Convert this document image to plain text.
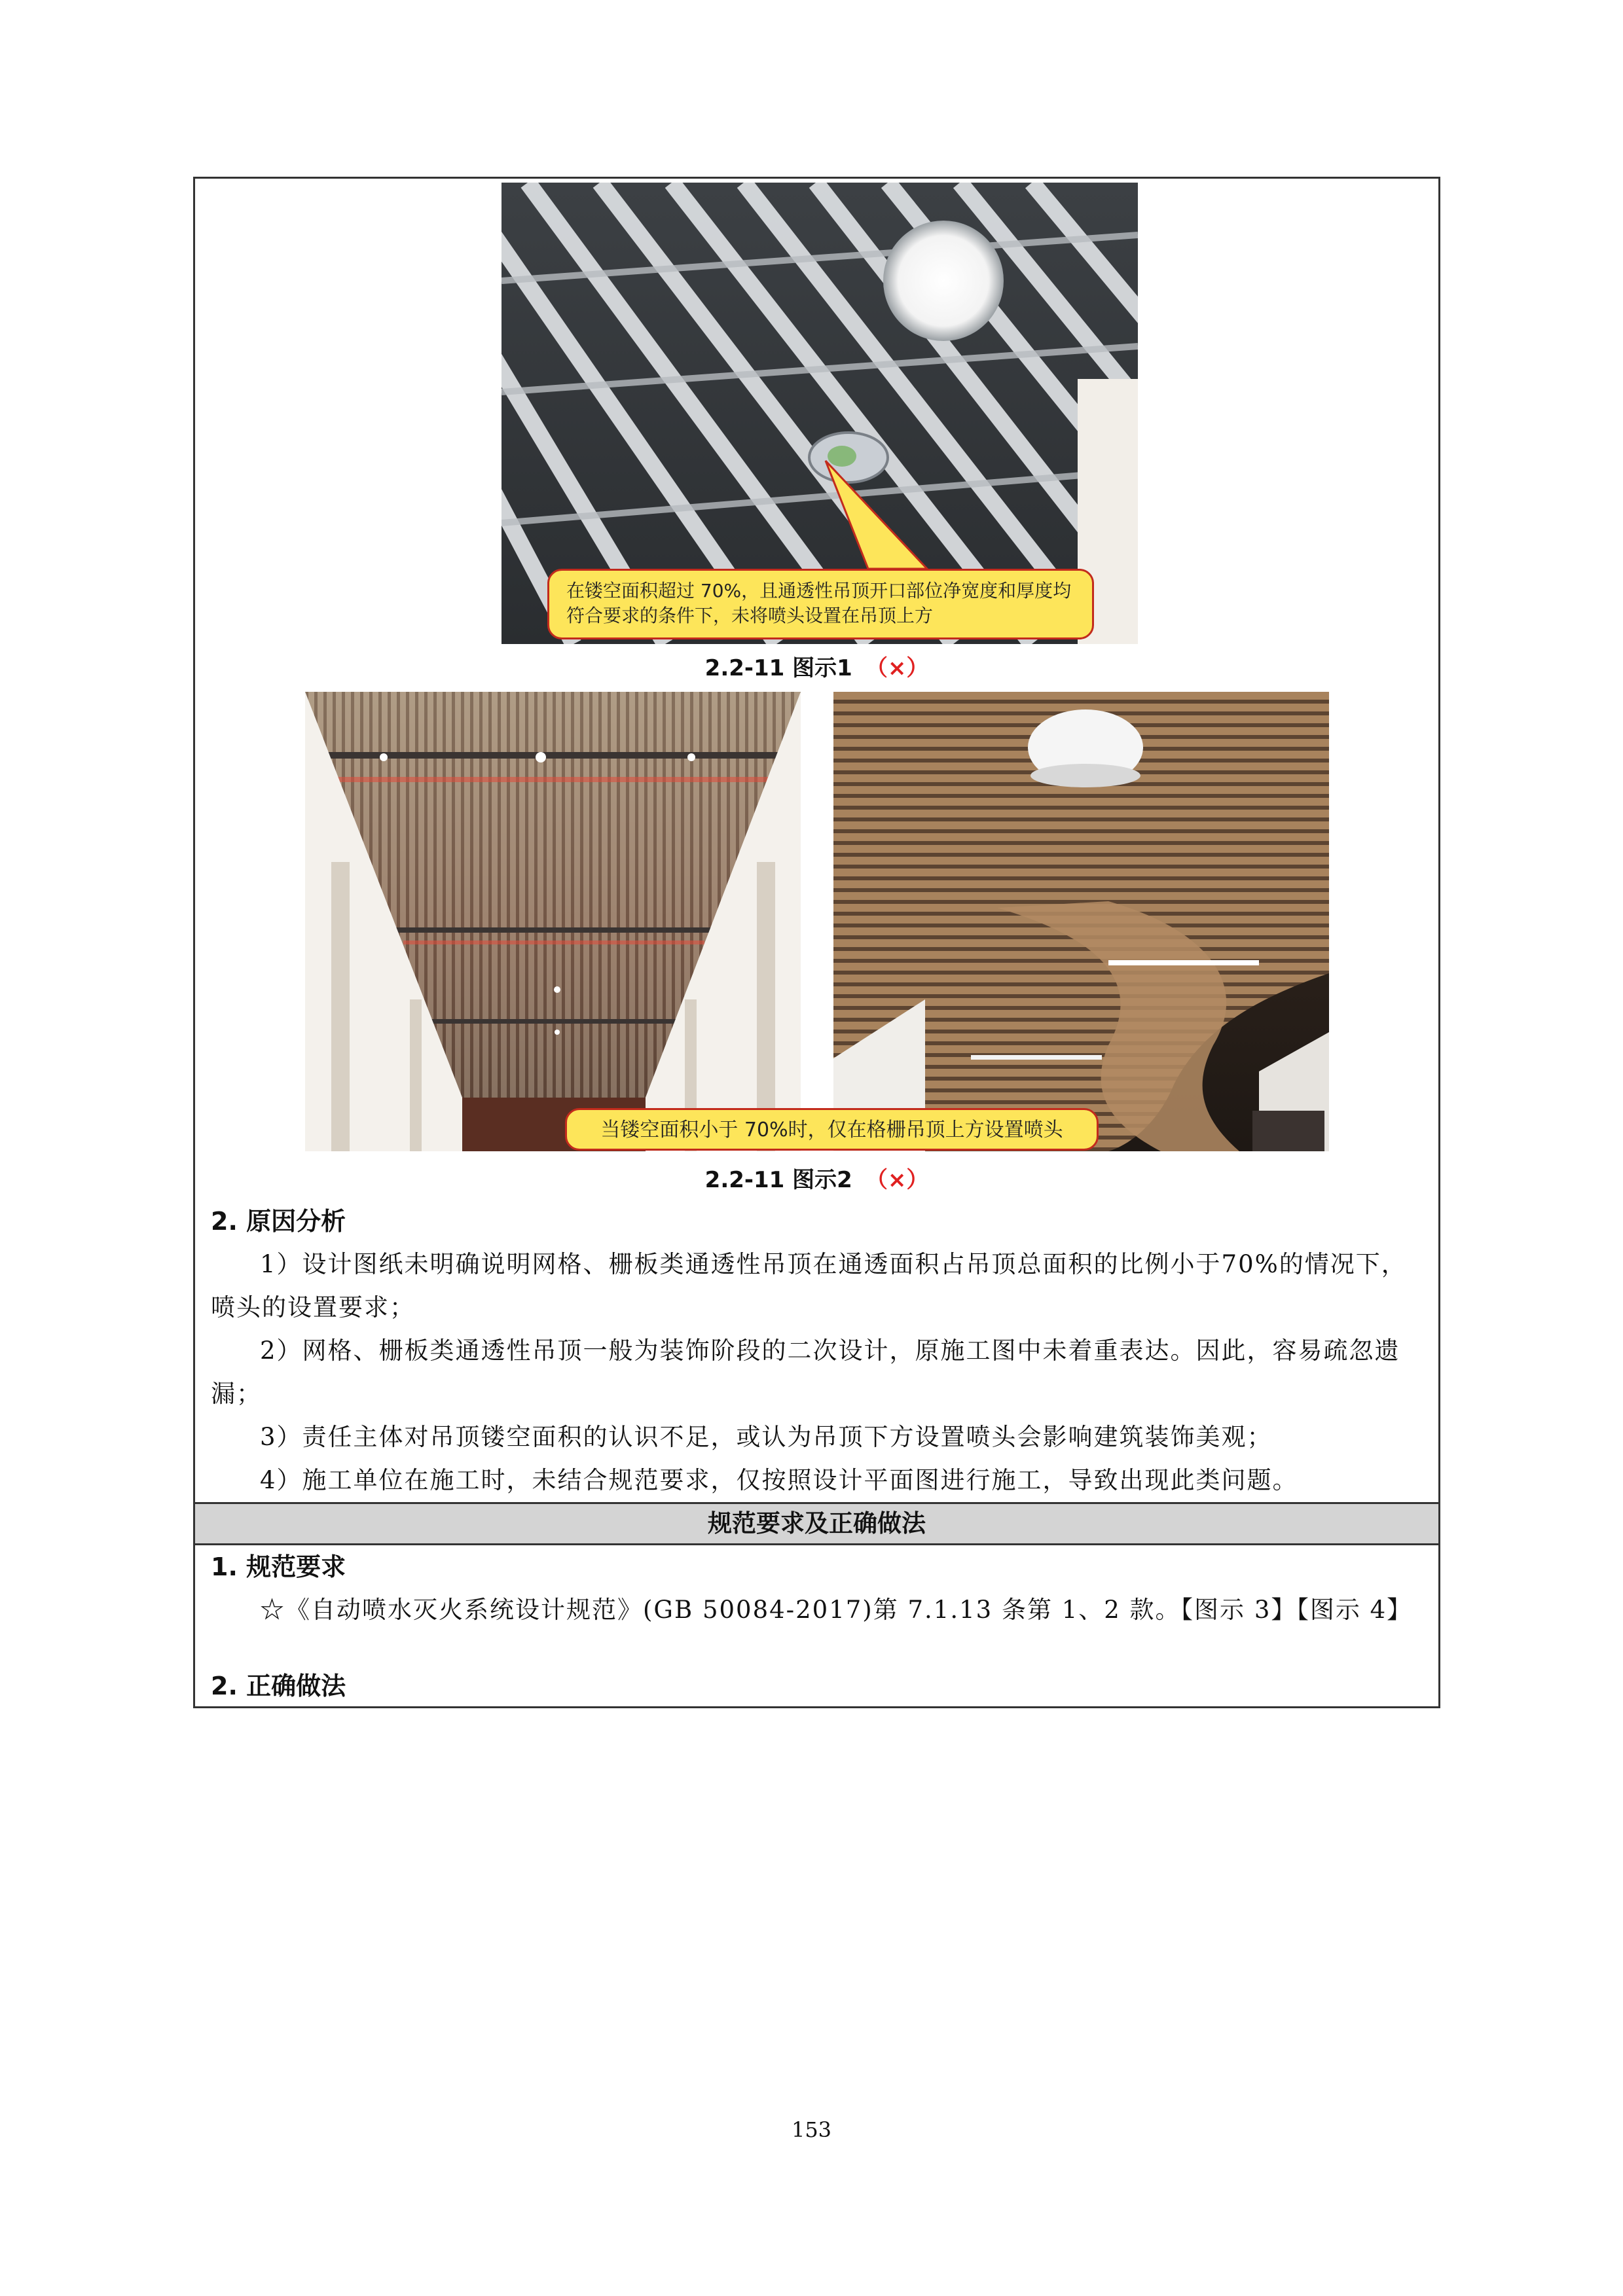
在镂空面积超过 70%，且通透性吊顶开口部位净宽度和厚度均符合要求的条件下，未将喷头设置在吊顶上方
2.2-11 图示1 （×）
当镂空面积小于 70%时，仅在格栅吊顶上方设置喷头
2.2-11 图示2 （×）
2. 原因分析
1）设计图纸未明确说明网格、栅板类通透性吊顶在通透面积占吊顶总面积的比例小于70%的情况下，喷头的设置要求；
2）网格、栅板类通透性吊顶一般为装饰阶段的二次设计，原施工图中未着重表达。因此，容易疏忽遗漏；
3）责任主体对吊顶镂空面积的认识不足，或认为吊顶下方设置喷头会影响建筑装饰美观；
4）施工单位在施工时，未结合规范要求，仅按照设计平面图进行施工，导致出现此类问题。
规范要求及正确做法
1. 规范要求
☆《自动喷水灭火系统设计规范》(GB 50084-2017)第 7.1.13 条第 1、2 款。【图示 3】【图示 4】
2. 正确做法
153
